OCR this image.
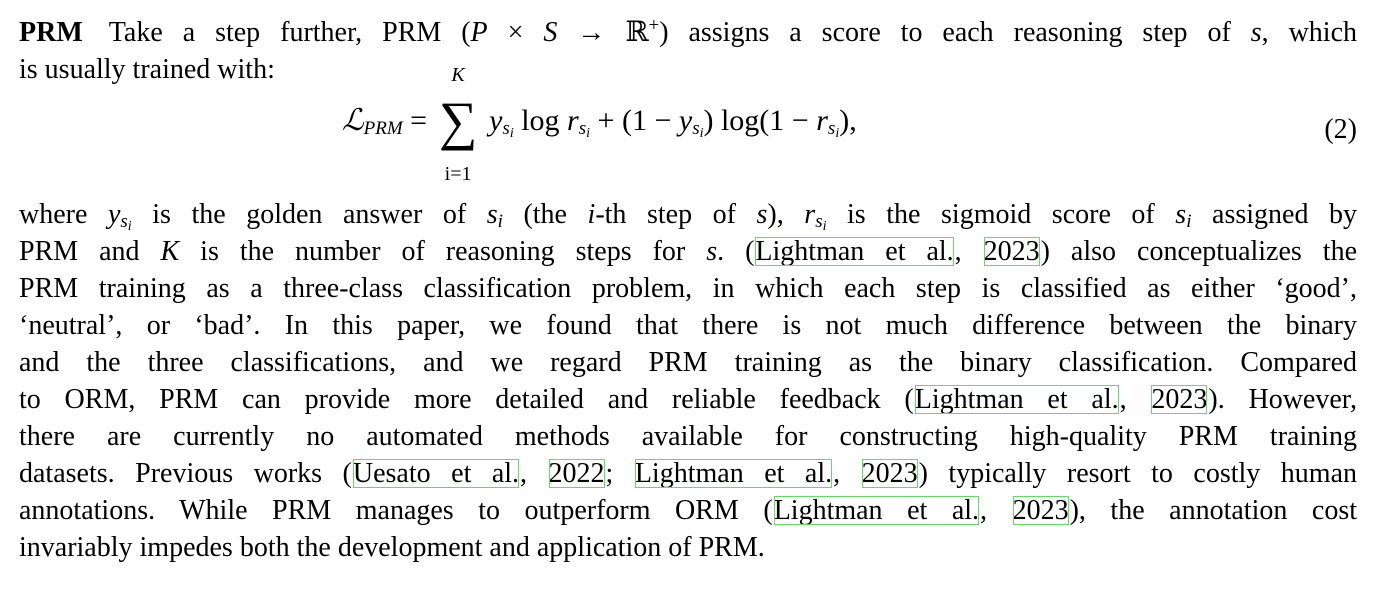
PRM Take a step further, PRM (P × S → ℝ+) assigns a score to each reasoning step of s, which
is usually trained with:
ℒ$_{PRM}$ =
K
∑
i=1
$y_{s_i}$ $\log r_{s_i} + (1 - y_{s_i}) \log(1 - r_{s_i})$,	(2)
where $y_{s_i}$ is the golden answer of $s_i$ (the i-th step of s), $r_{s_i}$ is the sigmoid score of $s_i$ assigned by
PRM and K is the number of reasoning steps for s. (Lightman et al., 2023) also conceptualizes the
PRM training as a three-class classification problem, in which each step is classified as either ‘good’,
‘neutral’, or ‘bad’. In this paper, we found that there is not much difference between the binary
and the three classifications, and we regard PRM training as the binary classification. Compared
to ORM, PRM can provide more detailed and reliable feedback (Lightman et al., 2023). However,
there are currently no automated methods available for constructing high-quality PRM training
datasets. Previous works (Uesato et al., 2022; Lightman et al., 2023) typically resort to costly human
annotations. While PRM manages to outperform ORM (Lightman et al., 2023), the annotation cost
invariably impedes both the development and application of PRM.
